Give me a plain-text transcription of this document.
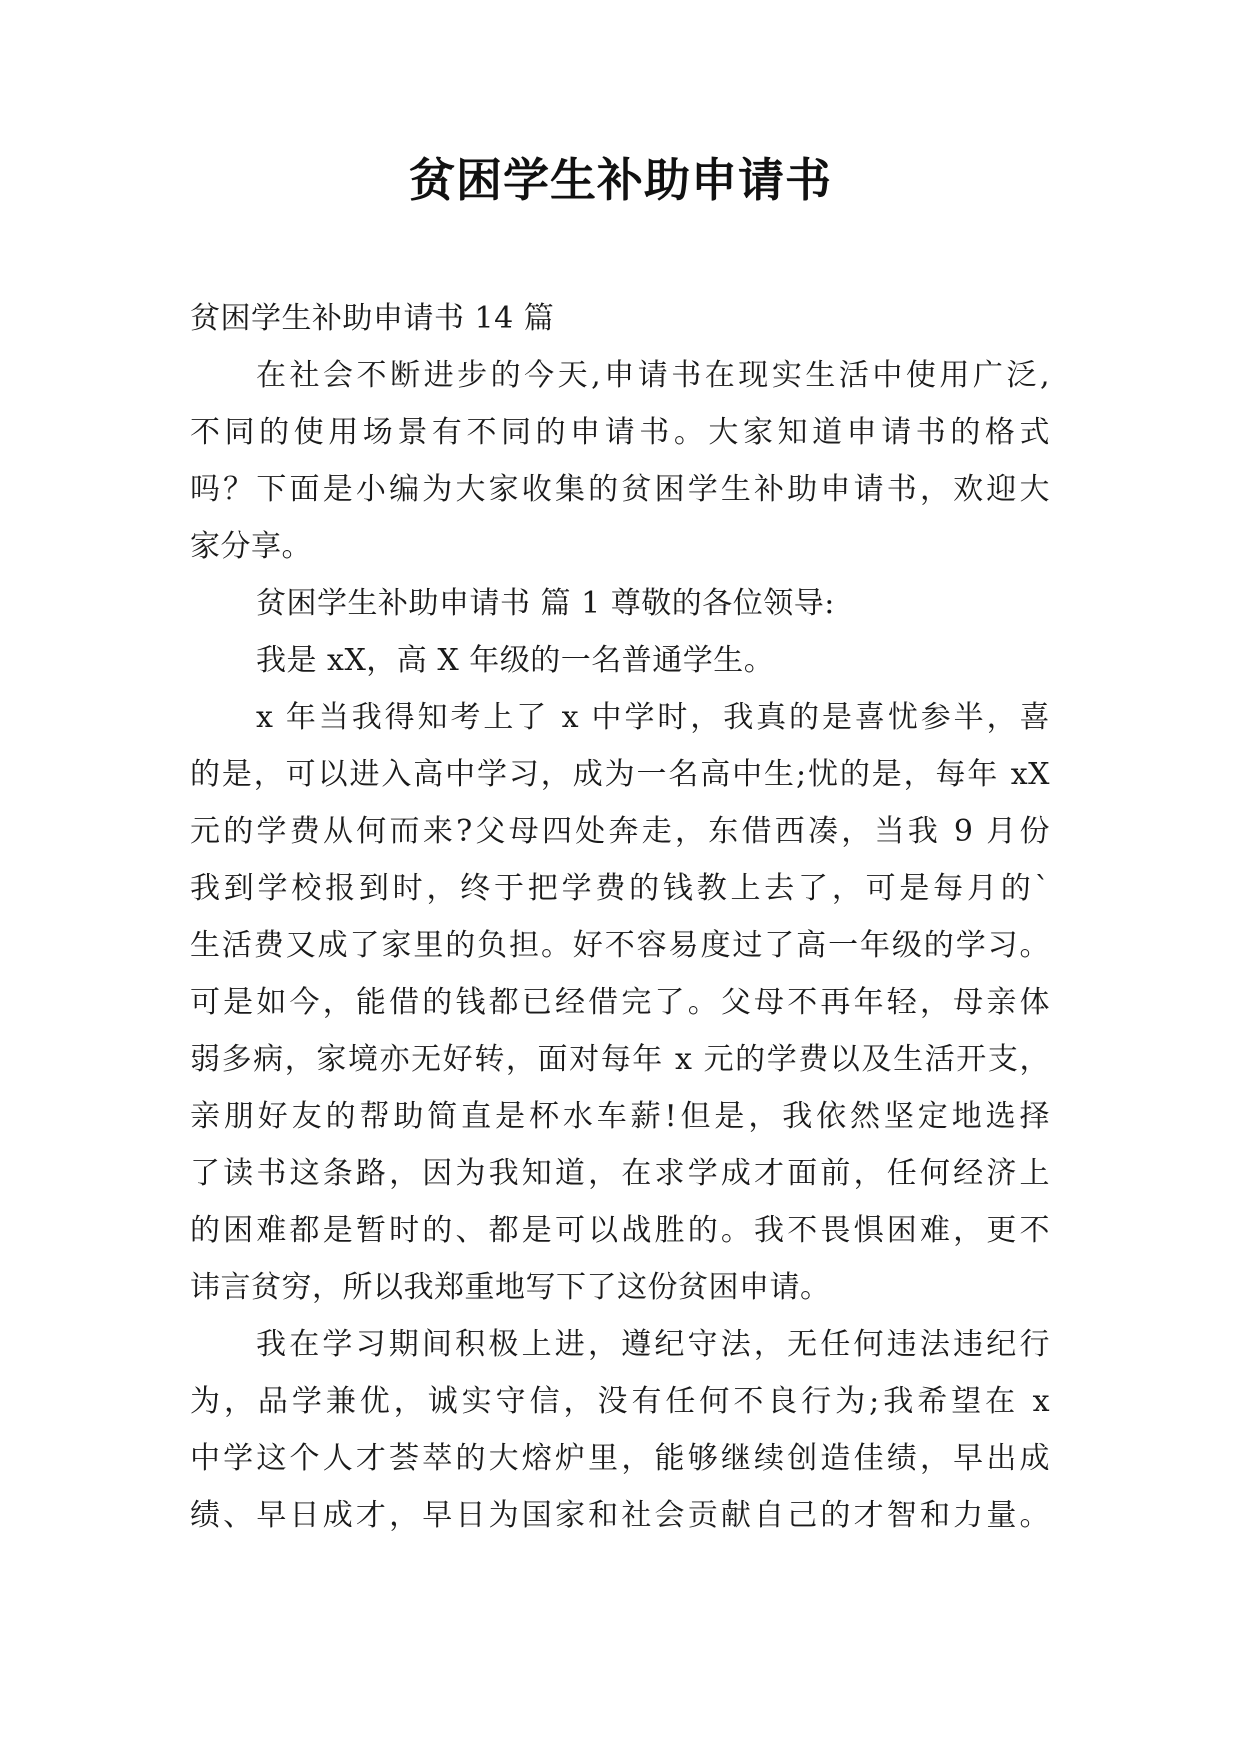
贫困学生补助申请书
贫困学生补助申请书 14 篇
在社会不断进步的今天,申请书在现实生活中使用广泛,
不同的使用场景有不同的申请书。大家知道申请书的格式
吗？下面是小编为大家收集的贫困学生补助申请书，欢迎大
家分享。
贫困学生补助申请书 篇 1 尊敬的各位领导:
我是 xX，高 X 年级的一名普通学生。
x 年当我得知考上了 x 中学时，我真的是喜忧参半，喜
的是，可以进入高中学习，成为一名高中生;忧的是，每年 xX
元的学费从何而来?父母四处奔走，东借西凑，当我 9 月份
我到学校报到时，终于把学费的钱教上去了，可是每月的`
生活费又成了家里的负担。好不容易度过了高一年级的学习。
可是如今，能借的钱都已经借完了。父母不再年轻，母亲体
弱多病，家境亦无好转，面对每年 x 元的学费以及生活开支，
亲朋好友的帮助简直是杯水车薪!但是，我依然坚定地选择
了读书这条路，因为我知道，在求学成才面前，任何经济上
的困难都是暂时的、都是可以战胜的。我不畏惧困难，更不
讳言贫穷，所以我郑重地写下了这份贫困申请。
我在学习期间积极上进，遵纪守法，无任何违法违纪行
为，品学兼优，诚实守信，没有任何不良行为;我希望在 x
中学这个人才荟萃的大熔炉里，能够继续创造佳绩，早出成
绩、早日成才，早日为国家和社会贡献自己的才智和力量。
